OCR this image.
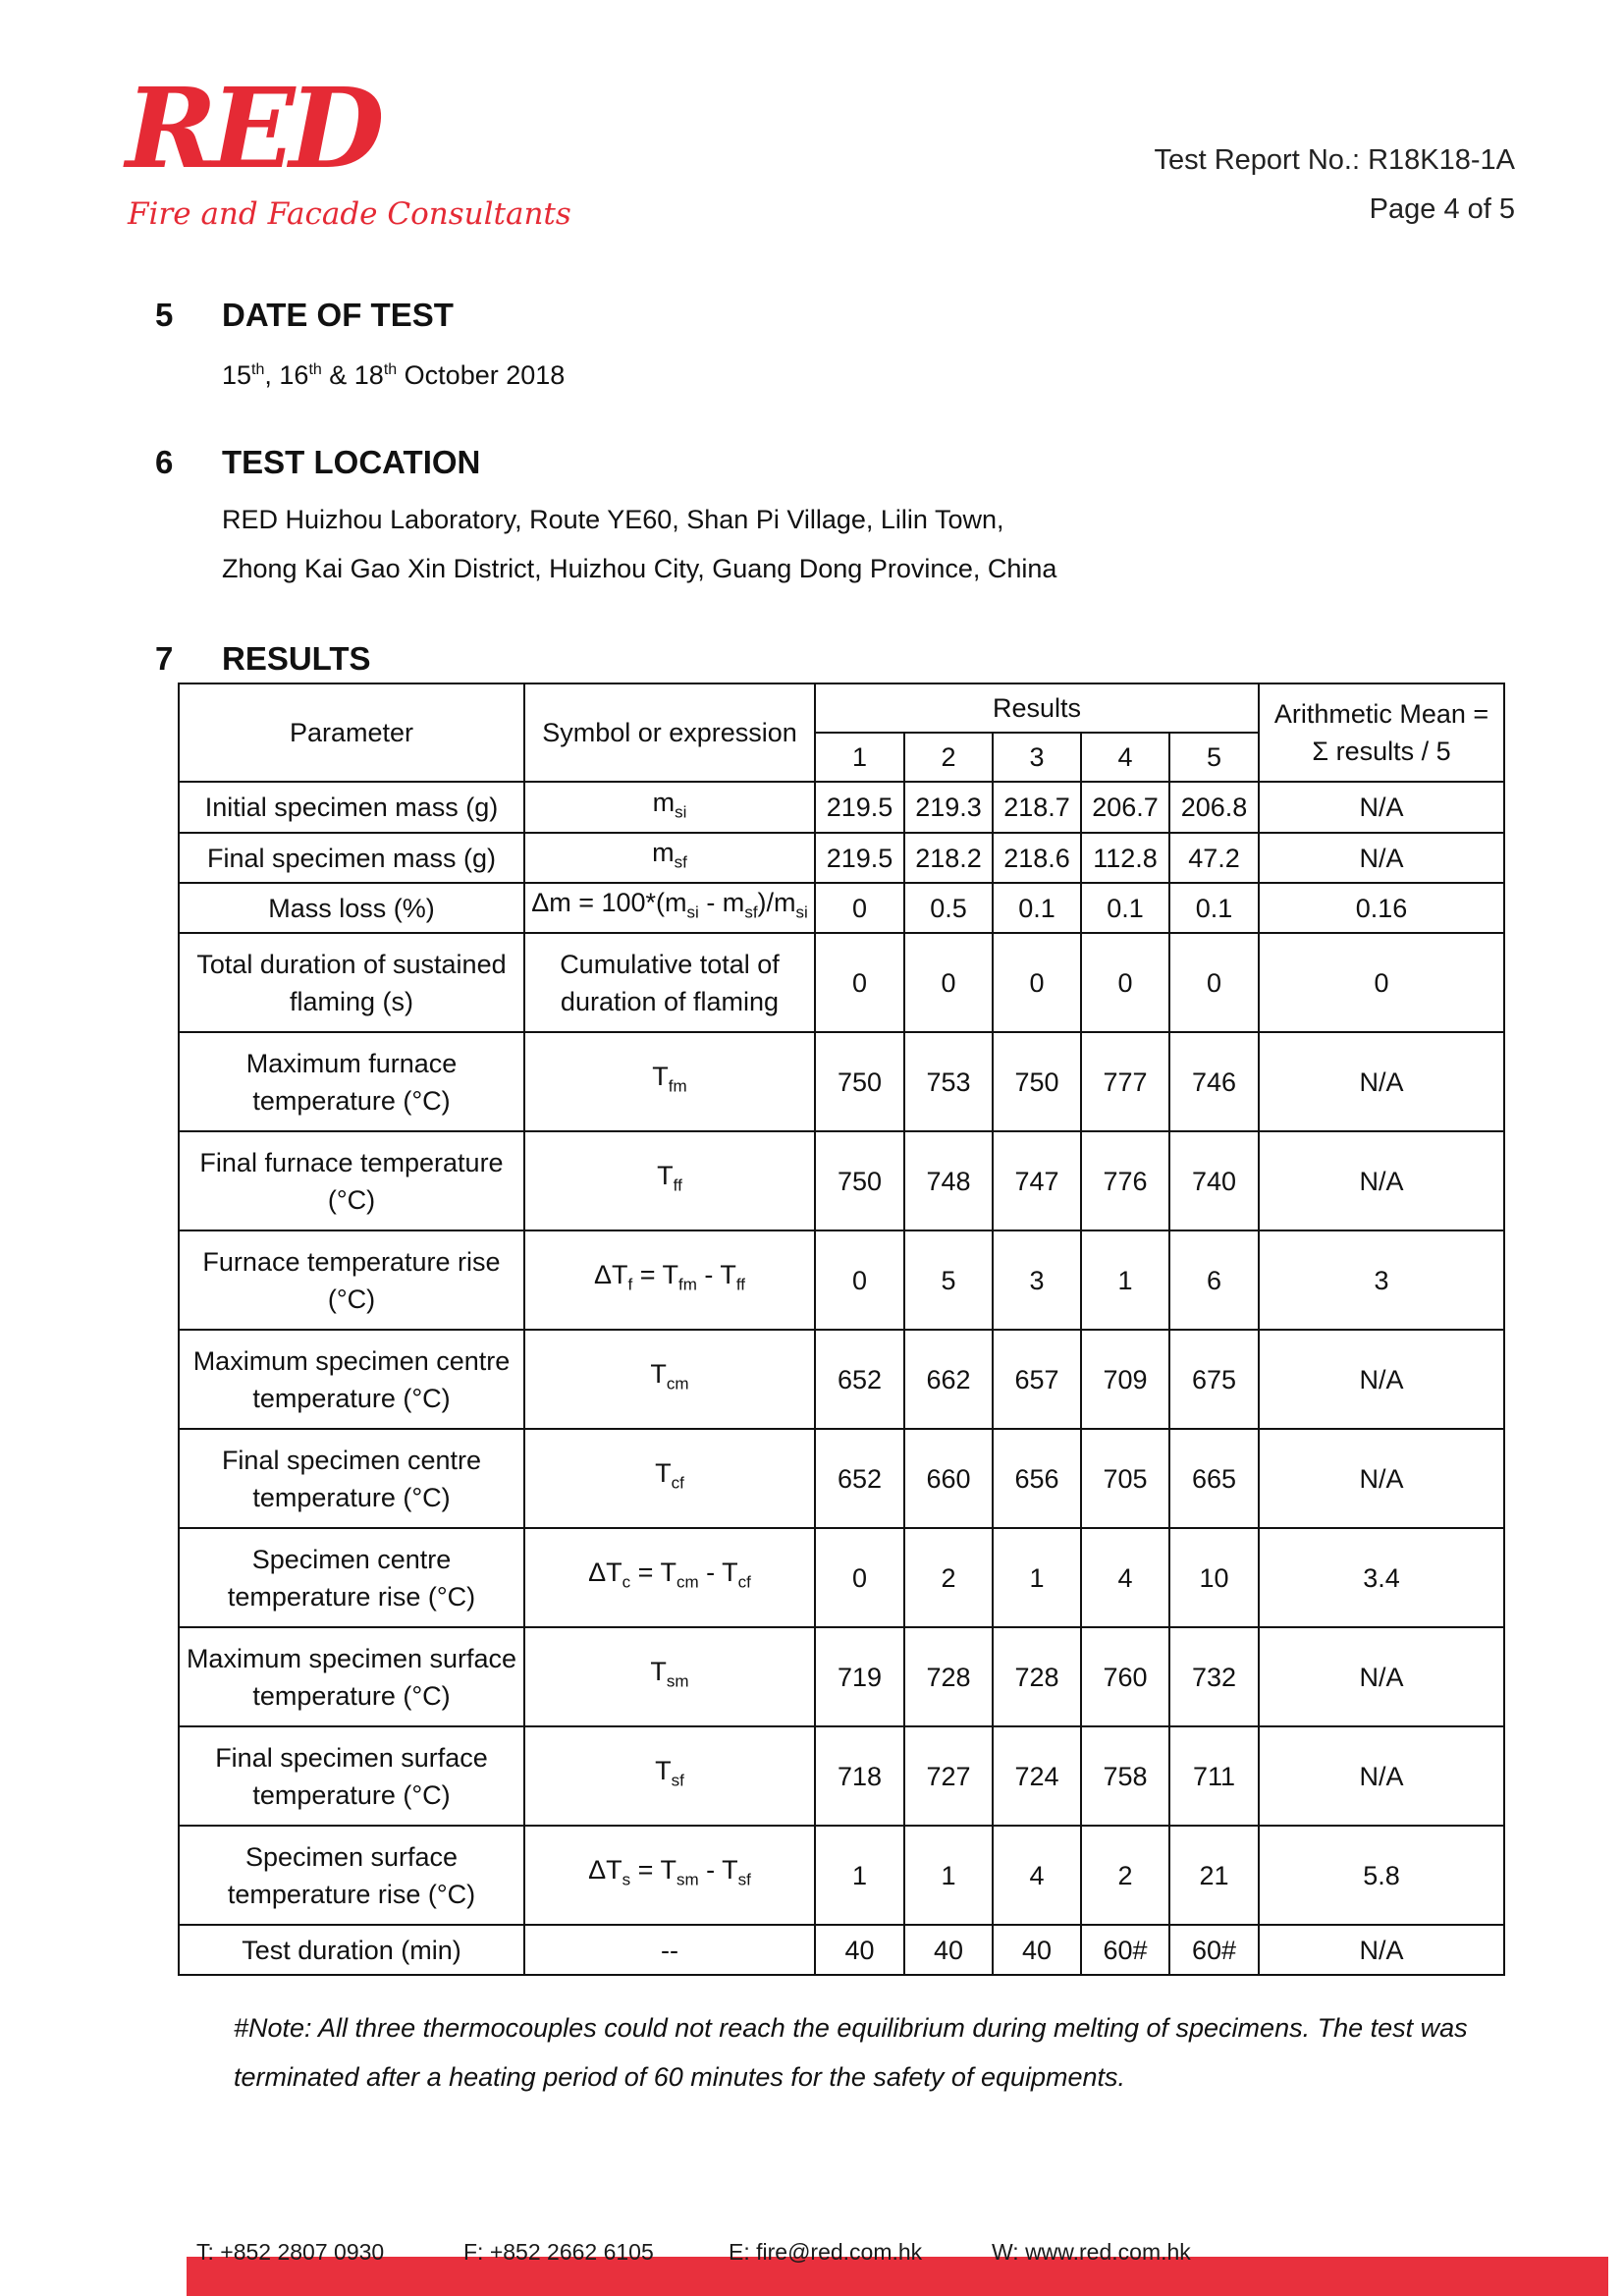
RED
Fire and Facade Consultants
Test Report No.: R18K18-1A
Page 4 of 5
5 DATE OF TEST
15th, 16th & 18th October 2018
6 TEST LOCATION
RED Huizhou Laboratory, Route YE60, Shan Pi Village, Lilin Town,
Zhong Kai Gao Xin District, Huizhou City, Guang Dong Province, China
7 RESULTS
Parameter	Symbol or expression	Results					Arithmetic Mean =
Σ results / 5

		1	2	3	4	5	
Initial specimen mass (g)	$m_{si}$	219.5	219.3	218.7	206.7	206.8	N/A
Final specimen mass (g)	$m_{sf}$	219.5	218.2	218.6	112.8	47.2	N/A
Mass loss (%)	$\Delta m = 100*(m_{si} - m_{sf})/m_{si}$	0	0.5	0.1	0.1	0.1	0.16
Total duration of sustained flaming (s)	Cumulative total of duration of flaming	0	0	0	0	0	0
Maximum furnace temperature (°C)	$T_{fm}$	750	753	750	777	746	N/A
Final furnace temperature (°C)	$T_{ff}$	750	748	747	776	740	N/A
Furnace temperature rise (°C)	$\Delta T_f = T_{fm} - T_{ff}$	0	5	3	1	6	3
Maximum specimen centre temperature (°C)	$T_{cm}$	652	662	657	709	675	N/A
Final specimen centre temperature (°C)	$T_{cf}$	652	660	656	705	665	N/A
Specimen centre temperature rise (°C)	$\Delta T_c = T_{cm} - T_{cf}$	0	2	1	4	10	3.4
Maximum specimen surface temperature (°C)	$T_{sm}$	719	728	728	760	732	N/A
Final specimen surface temperature (°C)	$T_{sf}$	718	727	724	758	711	N/A
Specimen surface temperature rise (°C)	$\Delta T_s = T_{sm} - T_{sf}$	1	1	4	2	21	5.8
Test duration (min)	--	40	40	40	60#	60#	N/A
#Note: All three thermocouples could not reach the equilibrium during melting of specimens. The test was terminated after a heating period of 60 minutes for the safety of equipments.
T: +852 2807 0930	F: +852 2662 6105	E: fire@red.com.hk	W: www.red.com.hk
